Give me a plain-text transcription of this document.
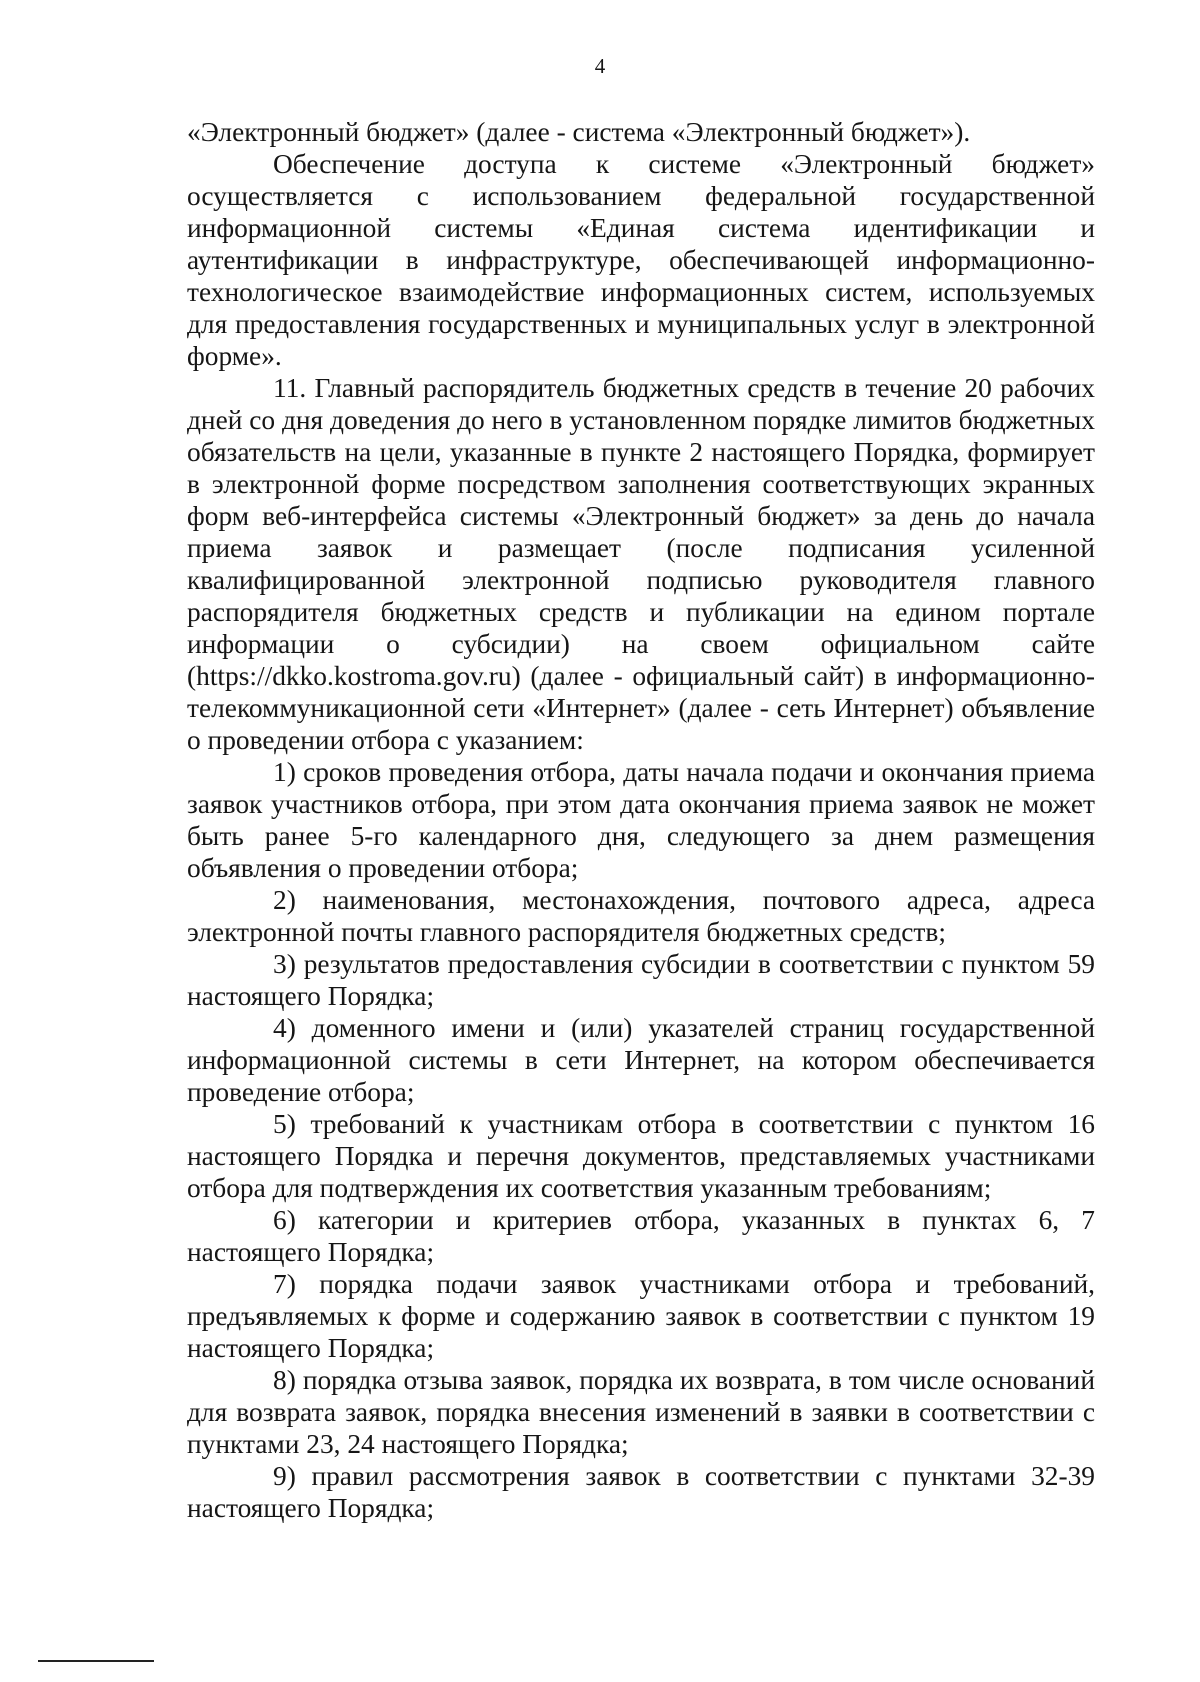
4

«Электронный бюджет» (далее - система «Электронный бюджет»).

Обеспечение доступа к системе «Электронный бюджет» осуществляется с использованием федеральной государственной информационной системы «Единая система идентификации и аутентификации в инфраструктуре, обеспечивающей информационно-технологическое взаимодействие информационных систем, используемых для предоставления государственных и муниципальных услуг в электронной форме».

11. Главный распорядитель бюджетных средств в течение 20 рабочих дней со дня доведения до него в установленном порядке лимитов бюджетных обязательств на цели, указанные в пункте 2 настоящего Порядка, формирует в электронной форме посредством заполнения соответствующих экранных форм веб-интерфейса системы «Электронный бюджет» за день до начала приема заявок и размещает (после подписания усиленной квалифицированной электронной подписью руководителя главного распорядителя бюджетных средств и публикации на едином портале информации о субсидии) на своем официальном сайте (https://dkko.kostroma.gov.ru) (далее - официальный сайт) в информационно-телекоммуникационной сети «Интернет» (далее - сеть Интернет) объявление о проведении отбора с указанием:

1) сроков проведения отбора, даты начала подачи и окончания приема заявок участников отбора, при этом дата окончания приема заявок не может быть ранее 5-го календарного дня, следующего за днем размещения объявления о проведении отбора;

2) наименования, местонахождения, почтового адреса, адреса электронной почты главного распорядителя бюджетных средств;

3) результатов предоставления субсидии в соответствии с пунктом 59 настоящего Порядка;

4) доменного имени и (или) указателей страниц государственной информационной системы в сети Интернет, на котором обеспечивается проведение отбора;

5) требований к участникам отбора в соответствии с пунктом 16 настоящего Порядка и перечня документов, представляемых участниками отбора для подтверждения их соответствия указанным требованиям;

6) категории и критериев отбора, указанных в пунктах 6, 7 настоящего Порядка;

7) порядка подачи заявок участниками отбора и требований, предъявляемых к форме и содержанию заявок в соответствии с пунктом 19 настоящего Порядка;

8) порядка отзыва заявок, порядка их возврата, в том числе оснований для возврата заявок, порядка внесения изменений в заявки в соответствии с пунктами 23, 24 настоящего Порядка;

9) правил рассмотрения заявок в соответствии с пунктами 32-39 настоящего Порядка;
